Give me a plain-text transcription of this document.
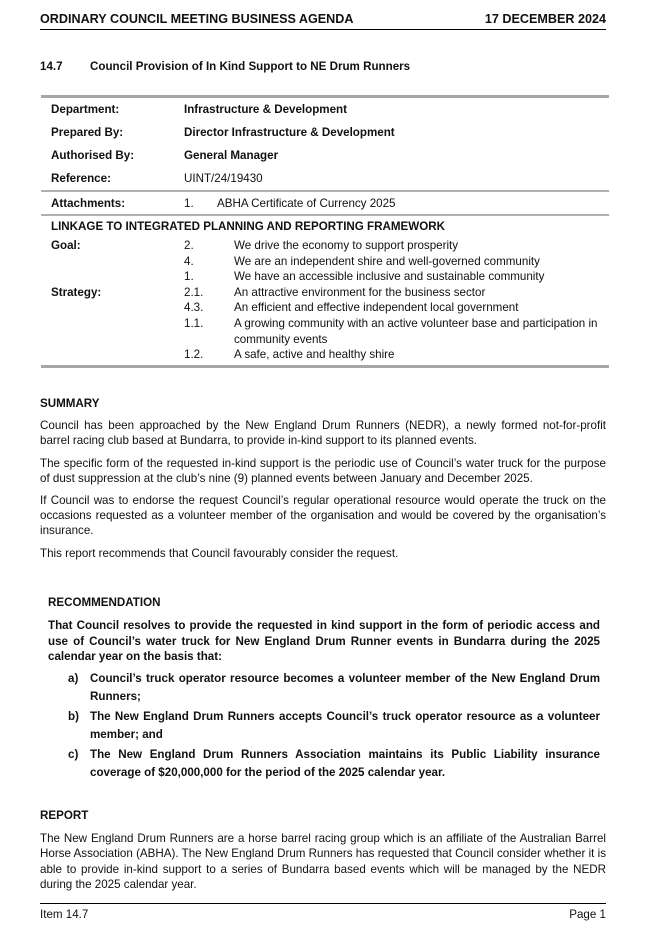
ORDINARY COUNCIL MEETING BUSINESS AGENDA	17 DECEMBER 2024
14.7 Council Provision of In Kind Support to NE Drum Runners
Department:	Infrastructure & Development
Prepared By:	Director Infrastructure & Development
Authorised By:	General Manager
Reference:	UINT/24/19430
Attachments:	1.	ABHA Certificate of Currency 2025
LINKAGE TO INTEGRATED PLANNING AND REPORTING FRAMEWORK
Goal:	2.	We drive the economy to support prosperity
4.	We are an independent shire and well-governed community
1.	We have an accessible inclusive and sustainable community
Strategy:	2.1.	An attractive environment for the business sector
4.3.	An efficient and effective independent local government
1.1.	A growing community with an active volunteer base and participation in community events
1.2.	A safe, active and healthy shire
SUMMARY

Council has been approached by the New England Drum Runners (NEDR), a newly formed not-for-profit barrel racing club based at Bundarra, to provide in-kind support to its planned events.

The specific form of the requested in-kind support is the periodic use of Council’s water truck for the purpose of dust suppression at the club’s nine (9) planned events between January and December 2025.

If Council was to endorse the request Council’s regular operational resource would operate the truck on the occasions requested as a volunteer member of the organisation and would be covered by the organisation’s insurance.

This report recommends that Council favourably consider the request.

RECOMMENDATION

That Council resolves to provide the requested in kind support in the form of periodic access and use of Council’s water truck for New England Drum Runner events in Bundarra during the 2025 calendar year on the basis that:

a)	Council’s truck operator resource becomes a volunteer member of the New England Drum Runners;
b) The New England Drum Runners accepts Council’s truck operator resource as a volunteer member; and
c)	The New England Drum Runners Association maintains its Public Liability insurance coverage of $20,000,000 for the period of the 2025 calendar year.
REPORT

The New England Drum Runners are a horse barrel racing group which is an affiliate of the Australian Barrel Horse Association (ABHA). The New England Drum Runners has requested that Council consider whether it is able to provide in-kind support to a series of Bundarra based events which will be managed by the NEDR during the 2025 calendar year.

Item 14.7	Page 1
